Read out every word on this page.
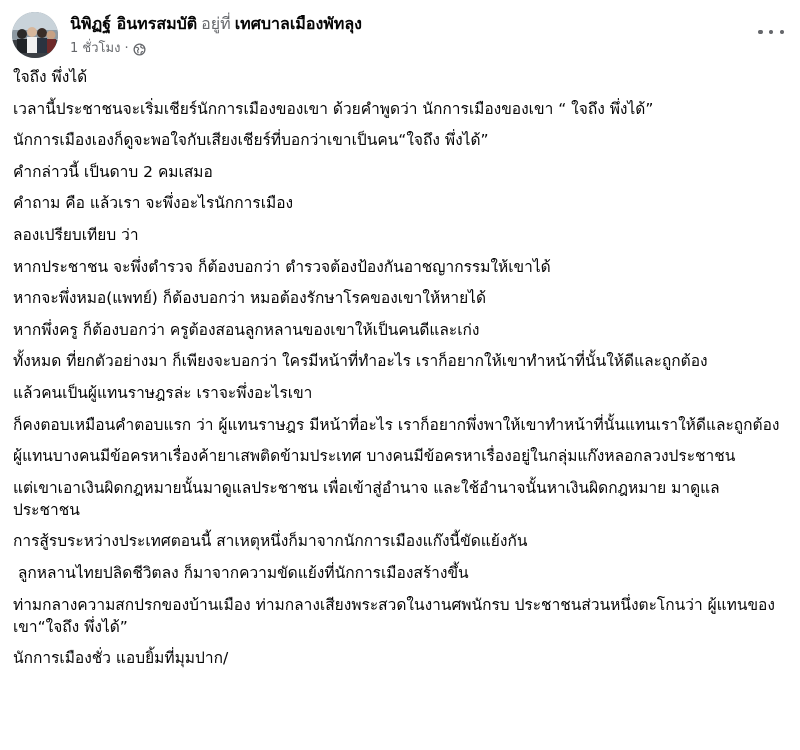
นิพิฏฐ์ อินทรสมบัติ อยู่ที่ เทศบาลเมืองพัทลุง
1 ชั่วโมง ·

ใจถึง พึ่งได้

เวลานี้ประชาชนจะเริ่มเชียร์นักการเมืองของเขา ด้วยคำพูดว่า นักการเมืองของเขา “ ใจถึง พึ่งได้”

นักการเมืองเองก็ดูจะพอใจกับเสียงเชียร์ที่บอกว่าเขาเป็นคน“ใจถึง พึ่งได้”

คำกล่าวนี้ เป็นดาบ 2 คมเสมอ

คำถาม คือ แล้วเรา จะพึ่งอะไรนักการเมือง

ลองเปรียบเทียบ ว่า

หากประชาชน จะพึ่งตำรวจ ก็ต้องบอกว่า ตำรวจต้องป้องกันอาชญากรรมให้เขาได้

หากจะพึ่งหมอ(แพทย์) ก็ต้องบอกว่า หมอต้องรักษาโรคของเขาให้หายได้

หากพึ่งครู ก็ต้องบอกว่า ครูต้องสอนลูกหลานของเขาให้เป็นคนดีและเก่ง

ทั้งหมด ที่ยกตัวอย่างมา ก็เพียงจะบอกว่า ใครมีหน้าที่ทำอะไร เราก็อยากให้เขาทำหน้าที่นั้นให้ดีและถูกต้อง

แล้วคนเป็นผู้แทนราษฎรล่ะ เราจะพึ่งอะไรเขา

ก็คงตอบเหมือนคำตอบแรก ว่า ผู้แทนราษฎร มีหน้าที่อะไร เราก็อยากพึ่งพาให้เขาทำหน้าที่นั้นแทนเราให้ดีและถูกต้อง

ผู้แทนบางคนมีข้อครหาเรื่องค้ายาเสพติดข้ามประเทศ บางคนมีข้อครหาเรื่องอยู่ในกลุ่มแก๊งหลอกลวงประชาชน

แต่เขาเอาเงินผิดกฎหมายนั้นมาดูแลประชาชน เพื่อเข้าสู่อำนาจ และใช้อำนาจนั้นหาเงินผิดกฎหมาย มาดูแลประชาชน

การสู้รบระหว่างประเทศตอนนี้ สาเหตุหนึ่งก็มาจากนักการเมืองแก๊งนี้ขัดแย้งกัน

ลูกหลานไทยปลิดชีวิตลง ก็มาจากความขัดแย้งที่นักการเมืองสร้างขึ้น

ท่ามกลางความสกปรกของบ้านเมือง ท่ามกลางเสียงพระสวดในงานศพนักรบ ประชาชนส่วนหนึ่งตะโกนว่า ผู้แทนของเขา“ใจถึง พึ่งได้”

นักการเมืองชั่ว แอบยิ้มที่มุมปาก/
